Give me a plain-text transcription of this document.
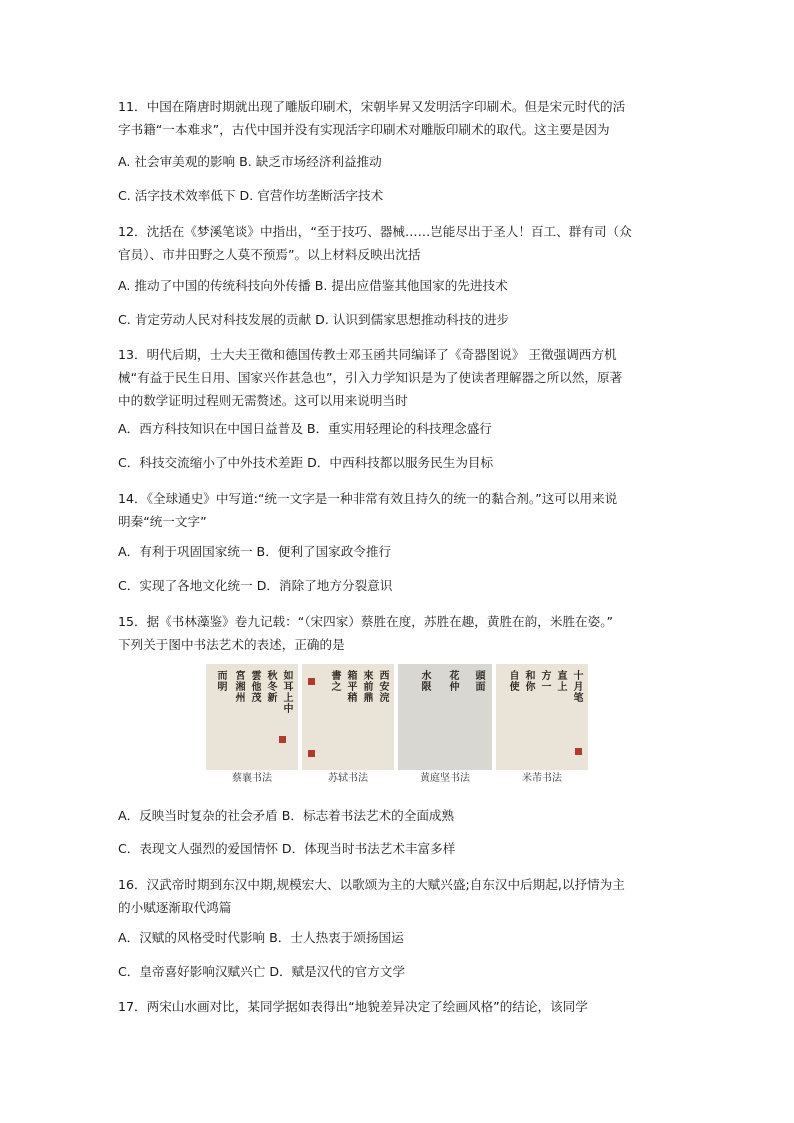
11．中国在隋唐时期就出现了雕版印刷术，宋朝毕昇又发明活字印刷术。但是宋元时代的活
字书籍“一本难求”，古代中国并没有实现活字印刷术对雕版印刷术的取代。这主要是因为
A. 社会审美观的影响 B. 缺乏市场经济利益推动
C. 活字技术效率低下 D. 官营作坊垄断活字技术
12．沈括在《梦溪笔谈》中指出，“至于技巧、器械……岂能尽出于圣人！百工、群有司（众
官员）、市井田野之人莫不预焉”。以上材料反映出沈括
A. 推动了中国的传统科技向外传播 B. 提出应借鉴其他国家的先进技术
C. 肯定劳动人民对科技发展的贡献 D. 认识到儒家思想推动科技的进步
13．明代后期，士大夫王徵和德国传教士邓玉函共同编译了《奇器图说》 王徵强调西方机
械“有益于民生日用、国家兴作甚急也”，引入力学知识是为了使读者理解器之所以然，原著
中的数学证明过程则无需赘述。这可以用来说明当时
A．西方科技知识在中国日益普及 B．重实用轻理论的科技理念盛行
C．科技交流缩小了中外技术差距 D．中西科技都以服务民生为目标
14．《全球通史》中写道:“统一文字是一种非常有效且持久的统一的黏合剂。”这可以用来说
明秦“统一文字”
A．有利于巩固国家统一 B．便利了国家政令推行
C．实现了各地文化统一 D．消除了地方分裂意识
15．据《书林藻鉴》卷九记载：“（宋四家）蔡胜在度，苏胜在趣，黄胜在韵，米胜在姿。”
下列关于图中书法艺术的表述，正确的是
如耳上中
秋冬新
雲他茂
宮湘州
而明	西安浣
來前鼎
箱平稍
書之	頭面
花仲
水限	十月笔
直上
方一
和你
自使
蔡襄书法	苏轼书法	黄庭坚书法	米芾书法
A．反映当时复杂的社会矛盾 B．标志着书法艺术的全面成熟
C．表现文人强烈的爱国情怀 D．体现当时书法艺术丰富多样
16．汉武帝时期到东汉中期,规模宏大、以歌颂为主的大赋兴盛;自东汉中后期起,以抒情为主
的小赋逐渐取代鸿篇
A．汉赋的风格受时代影响 B．士人热衷于颂扬国运
C．皇帝喜好影响汉赋兴亡 D．赋是汉代的官方文学
17．两宋山水画对比，某同学据如表得出“地貌差异决定了绘画风格”的结论，该同学
